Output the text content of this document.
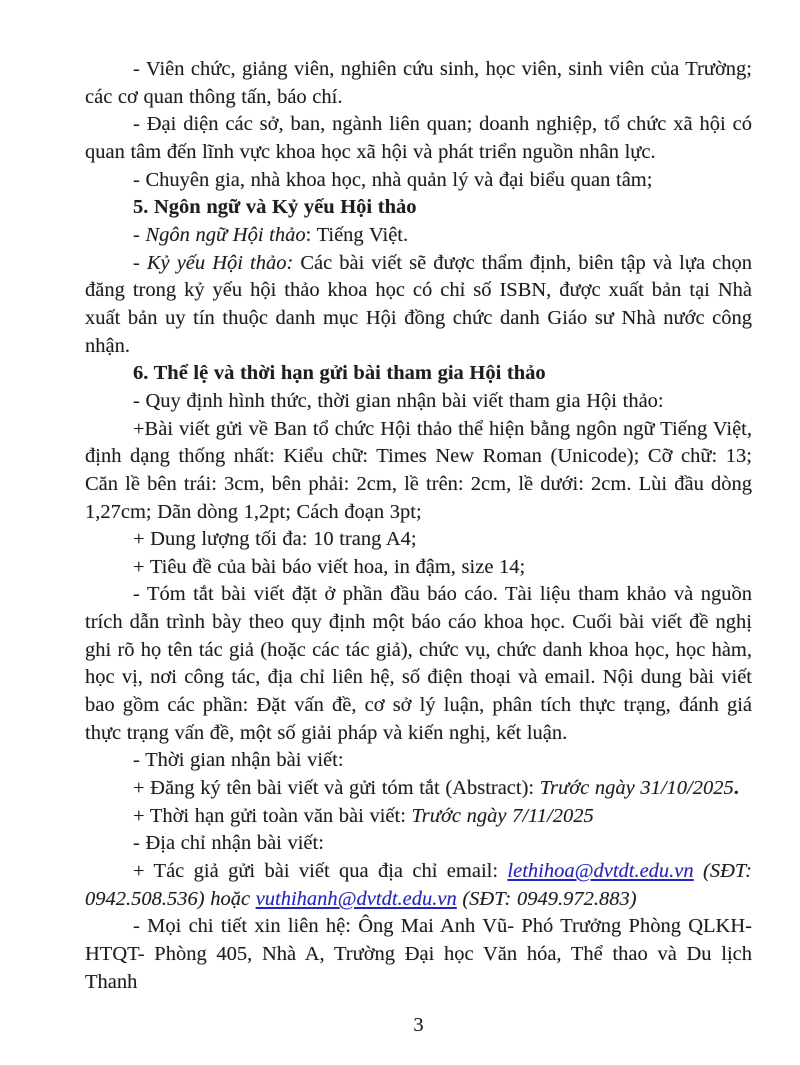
- Viên chức, giảng viên, nghiên cứu sinh, học viên, sinh viên của Trường; các cơ quan thông tấn, báo chí.

- Đại diện các sở, ban, ngành liên quan; doanh nghiệp, tổ chức xã hội có quan tâm đến lĩnh vực khoa học xã hội và phát triển nguồn nhân lực.

- Chuyên gia, nhà khoa học, nhà quản lý và đại biểu quan tâm;

5. Ngôn ngữ và Kỷ yếu Hội thảo

- Ngôn ngữ Hội thảo: Tiếng Việt.

- Kỷ yếu Hội thảo: Các bài viết sẽ được thẩm định, biên tập và lựa chọn đăng trong kỷ yếu hội thảo khoa học có chỉ số ISBN, được xuất bản tại Nhà xuất bản uy tín thuộc danh mục Hội đồng chức danh Giáo sư Nhà nước công nhận.

6. Thể lệ và thời hạn gửi bài tham gia Hội thảo

- Quy định hình thức, thời gian nhận bài viết tham gia Hội thảo:

+Bài viết gửi về Ban tổ chức Hội thảo thể hiện bằng ngôn ngữ Tiếng Việt, định dạng thống nhất: Kiểu chữ: Times New Roman (Unicode); Cỡ chữ: 13; Căn lề bên trái: 3cm, bên phải: 2cm, lề trên: 2cm, lề dưới: 2cm. Lùi đầu dòng 1,27cm; Dãn dòng 1,2pt; Cách đoạn 3pt;

+ Dung lượng tối đa: 10 trang A4;

+ Tiêu đề của bài báo viết hoa, in đậm, size 14;

- Tóm tắt bài viết đặt ở phần đầu báo cáo. Tài liệu tham khảo và nguồn trích dẫn trình bày theo quy định một báo cáo khoa học. Cuối bài viết đề nghị ghi rõ họ tên tác giả (hoặc các tác giả), chức vụ, chức danh khoa học, học hàm, học vị, nơi công tác, địa chỉ liên hệ, số điện thoại và email. Nội dung bài viết bao gồm các phần: Đặt vấn đề, cơ sở lý luận, phân tích thực trạng, đánh giá thực trạng vấn đề, một số giải pháp và kiến nghị, kết luận.

- Thời gian nhận bài viết:

+ Đăng ký tên bài viết và gửi tóm tắt (Abstract): Trước ngày 31/10/2025.

+ Thời hạn gửi toàn văn bài viết: Trước ngày 7/11/2025

- Địa chỉ nhận bài viết:

+ Tác giả gửi bài viết qua địa chỉ email: lethihoa@dvtdt.edu.vn (SĐT: 0942.508.536) hoặc vuthihanh@dvtdt.edu.vn (SĐT: 0949.972.883)

- Mọi chi tiết xin liên hệ: Ông Mai Anh Vũ- Phó Trưởng Phòng QLKH-HTQT- Phòng 405, Nhà A, Trường Đại học Văn hóa, Thể thao và Du lịch Thanh

3
